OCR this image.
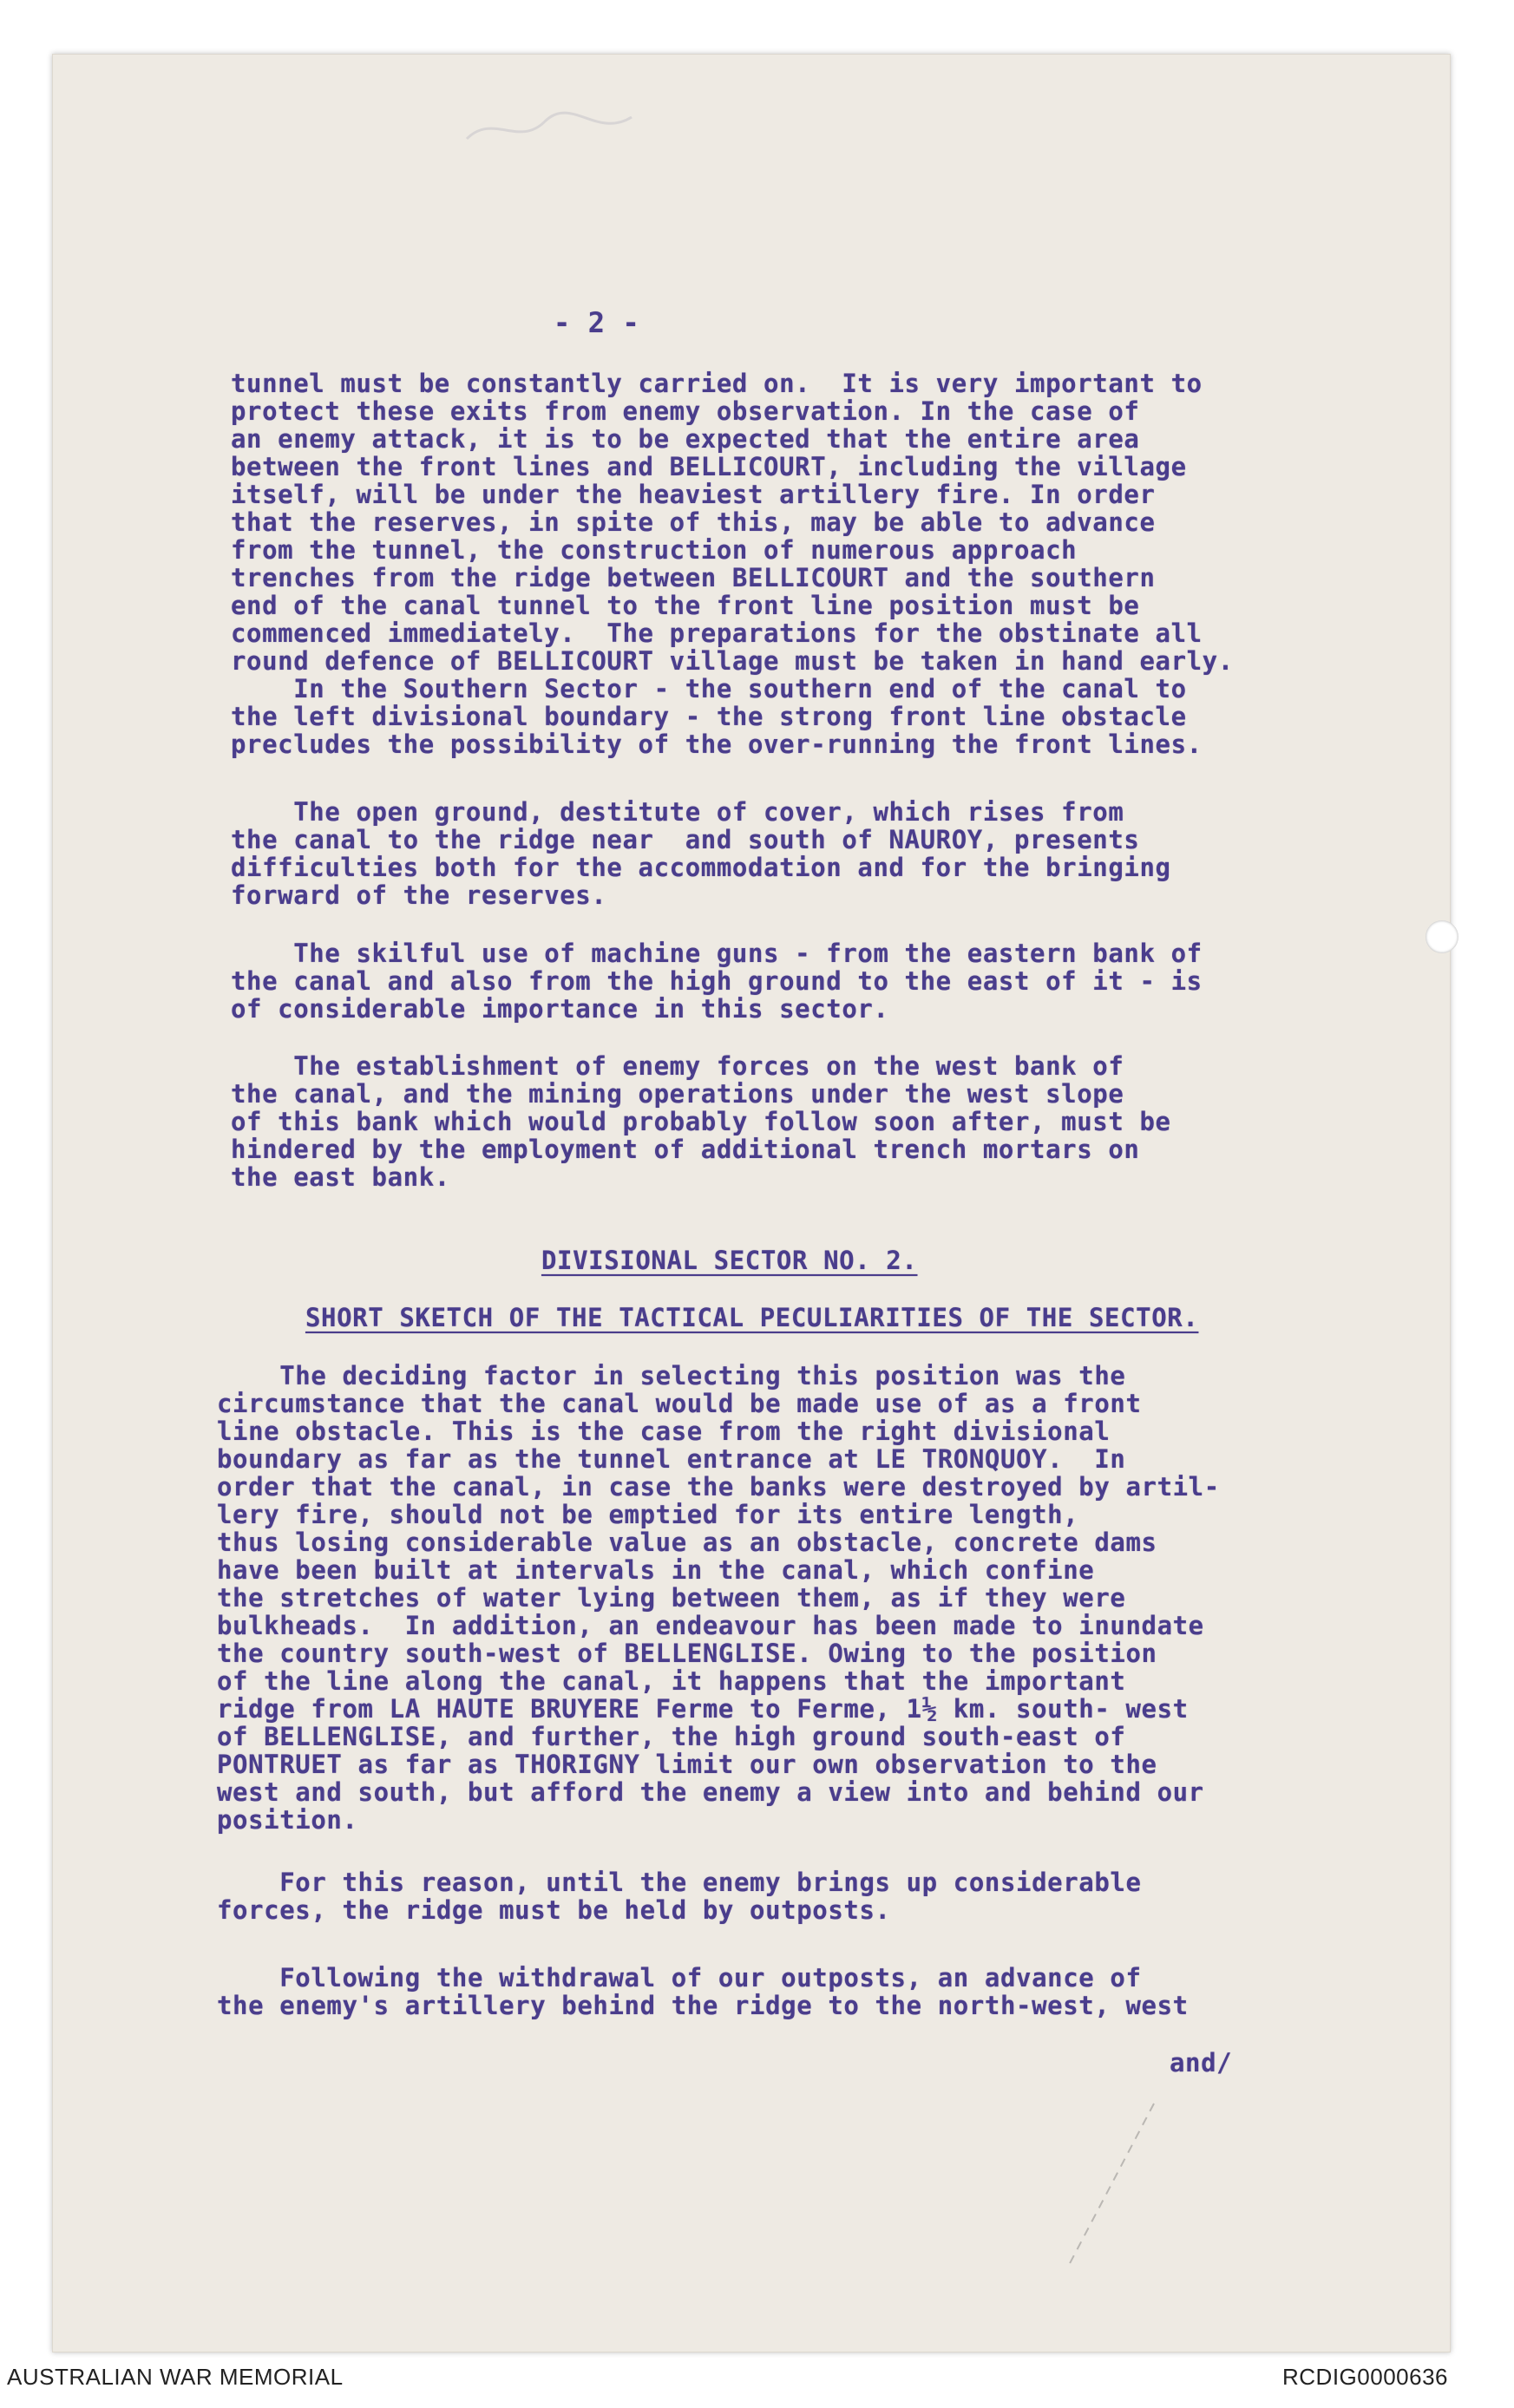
- 2 -
tunnel must be constantly carried on.  It is very important to
protect these exits from enemy observation. In the case of
an enemy attack, it is to be expected that the entire area
between the front lines and BELLICOURT, including the village
itself, will be under the heaviest artillery fire. In order
that the reserves, in spite of this, may be able to advance
from the tunnel, the construction of numerous approach
trenches from the ridge between BELLICOURT and the southern
end of the canal tunnel to the front line position must be
commenced immediately.  The preparations for the obstinate all
round defence of BELLICOURT village must be taken in hand early.
In the Southern Sector - the southern end of the canal to
the left divisional boundary - the strong front line obstacle
precludes the possibility of the over-running the front lines.
The open ground, destitute of cover, which rises from
the canal to the ridge near  and south of NAUROY, presents
difficulties both for the accommodation and for the bringing
forward of the reserves.
The skilful use of machine guns - from the eastern bank of
the canal and also from the high ground to the east of it - is
of considerable importance in this sector.
The establishment of enemy forces on the west bank of
the canal, and the mining operations under the west slope
of this bank which would probably follow soon after, must be
hindered by the employment of additional trench mortars on
the east bank.
DIVISIONAL SECTOR NO. 2.
SHORT SKETCH OF THE TACTICAL PECULIARITIES OF THE SECTOR.
The deciding factor in selecting this position was the
circumstance that the canal would be made use of as a front
line obstacle. This is the case from the right divisional
boundary as far as the tunnel entrance at LE TRONQUOY.  In
order that the canal, in case the banks were destroyed by artil-
lery fire, should not be emptied for its entire length,
thus losing considerable value as an obstacle, concrete dams
have been built at intervals in the canal, which confine
the stretches of water lying between them, as if they were
bulkheads.  In addition, an endeavour has been made to inundate
the country south-west of BELLENGLISE. Owing to the position
of the line along the canal, it happens that the important
ridge from LA HAUTE BRUYERE Ferme to Ferme, 1½ km. south- west
of BELLENGLISE, and further, the high ground south-east of
PONTRUET as far as THORIGNY limit our own observation to the
west and south, but afford the enemy a view into and behind our
position.
For this reason, until the enemy brings up considerable
forces, the ridge must be held by outposts.
Following the withdrawal of our outposts, an advance of
the enemy's artillery behind the ridge to the north-west, west
and/
AUSTRALIAN WAR MEMORIAL	RCDIG0000636
